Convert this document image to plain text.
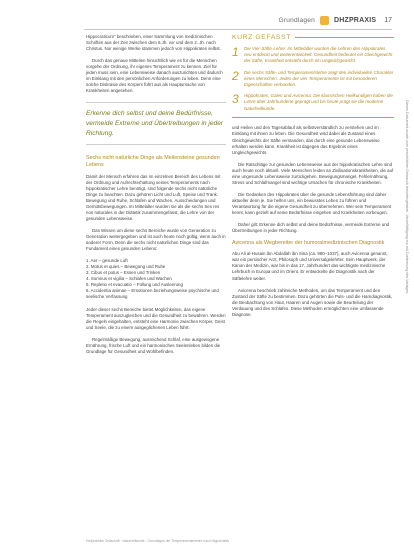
Grundlagen	DHZPRAXIS 17

Hippocraticum" beschrieben, einer Sammlung von medizinischen Schriften aus der Zeit zwischen dem 6.Jh. vor und dem 2. Jh. nach Christus. Nur wenige Werke stammen jedoch von Hippokrates selbst.

Durch das genaue Mitteilen hinsichtlich wie es für die Menschen vorgehe der Ordnung, ihr eigenes Temperament zu kennen. Ziel für jeden muss sein, eine Lebensweise danach auszurichten und dadurch im Einklang mit den persönlichen Anforderungen zu leben. Denn eine solche Diskrasie des Körpers führt aus als Hauptursache von Krankheiten angesehen.

Erkenne dich selbst und deine Bedürfnisse, vermeide Extreme und Übertreibungen in jeder Richtung.
Sechs nicht natürliche Dinge als Meilensteine gesunden Lebens

Damit der Mensch erfahren das im einzelnen Bereich des Lebens mit der Ordnung und Aufrechterhaltung seines Temperaments nach hippokratischer Lehre benötigt, sind folgende sechs nicht natürliche Dinge zu beachten. Dazu gehören Licht und Luft, Speise und Trank, Bewegung und Ruhe, Schlafen und Wachen, Ausscheidungen und Gemütsbewegungen. Im Mittelalter wurden sie als die sechs Sex res non naturales in der Diätetik zusammengefasst, die Lehre von der gesunden Lebensweise.

Das Wissen um diese sechs Bereiche wurde von Generation zu Generation weitergegeben und ist auch heute noch gültig, wenn auch in anderer Form. Denn die sechs nicht natürlichen Dinge sind das Fundament eines gesunden Lebens:

1. Aer – gesunde Luft
2. Motus et quies – Bewegung und Ruhe
3. Cibus et potus – Essen und Trinken
4. Somnus et vigilia – Schlafen und Wachen
5. Repletio et evacuatio – Füllung und Ausleerung
6. Accidentia animae – Emotionen beziehungsweise psychische und seelische Verfassung

Jeder dieser sechs Bereiche bietet Möglichkeiten, das eigene Temperament auszugleichen und die Gesundheit zu bewahren. Werden die Regeln eingehalten, entsteht eine Harmonie zwischen Körper, Geist und Seele, die zu einem ausgeglichenen Leben führt.

Regelmäßige Bewegung, ausreichend Schlaf, eine ausgewogene Ernährung, frische Luft und ein harmonisches Seelenleben bilden die Grundlage für Gesundheit und Wohlbefinden.

KURZ GEFASST
1 Die Vier-Säfte-Lehre: Im Mittelalter wurden die Lehren des Hippokrates neu entdeckt und weiterentwickelt. Gesundheit bedeutet ein Gleichgewicht der Säfte, Krankheit entsteht durch ein Ungleichgewicht.
2 Die sechs Säfte- und Temperamentslehre zeigt den individuellen Charakter eines Menschen. Jedes der vier Temperamente ist mit besonderen Eigenschaften verbunden.
3 Hippokrates, Galen und Avicenna: Die klassischen Heilkundigen haben die Lehre über Jahrhunderte geprägt und bis heute prägt sie die moderne Naturheilkunde.

und Heilen und den Tagesablauf als selbstverständlich zu verstehen und im Einklang mit ihnen zu leben. Die Gesundheit wird dabei als Zustand eines Gleichgewichts der Säfte verstanden, das durch eine gesunde Lebensweise erhalten werden kann. Krankheit ist dagegen das Ergebnis eines Ungleichgewichts.

Die Ratschläge zur gesunden Lebensweise aus der hippokratischen Lehre sind auch heute noch aktuell. Viele Menschen leiden an Zivilisationskrankheiten, die auf eine ungesunde Lebensweise zurückgehen. Bewegungsmangel, Fehlernährung, Stress und Schlafmangel sind wichtige Ursachen für chronische Krankheiten.

Die Gedanken des Hippokrates über die gesunde Lebensführung sind daher aktueller denn je. Sie helfen uns, ein bewusstes Leben zu führen und Verantwortung für die eigene Gesundheit zu übernehmen. Wer sein Temperament kennt, kann gezielt auf seine Bedürfnisse eingehen und Krankheiten vorbeugen.

Daher gilt: Erkenne dich selbst und deine Bedürfnisse, vermeide Extreme und Übertreibungen in jeder Richtung.

Avicenna als Wegbereiter der humoralmedizinischen Diagnostik

Abu Ali al-Husain ibn Abdallah ibn Sina (ca. 980–1037), auch Avicenna genannt, war ein persischer Arzt, Philosoph und Universalgelehrter. Sein Hauptwerk, der Kanon der Medizin, war bis in das 17. Jahrhundert das wichtigste medizinische Lehrbuch in Europa und im Orient. Er entwickelte die Diagnostik nach der Säftelehre weiter.

Avicenna beschrieb zahlreiche Methoden, um das Temperament und den Zustand der Säfte zu bestimmen. Dazu gehörten die Puls- und die Harndiagnostik, die Beobachtung von Haut, Haaren und Augen sowie die Beurteilung der Verdauung und des Schlafes. Diese Methoden ermöglichten eine umfassende Diagnose.

Heilpraktiker Zeitschrift · Naturheilkunde · Grundlagen der Temperamentenlehre nach Hippokrates
Dieses Dokument wurde zum persönlichen Gebrauch heruntergeladen. Vervielfältigung nur mit Zustimmung des Verlages.
